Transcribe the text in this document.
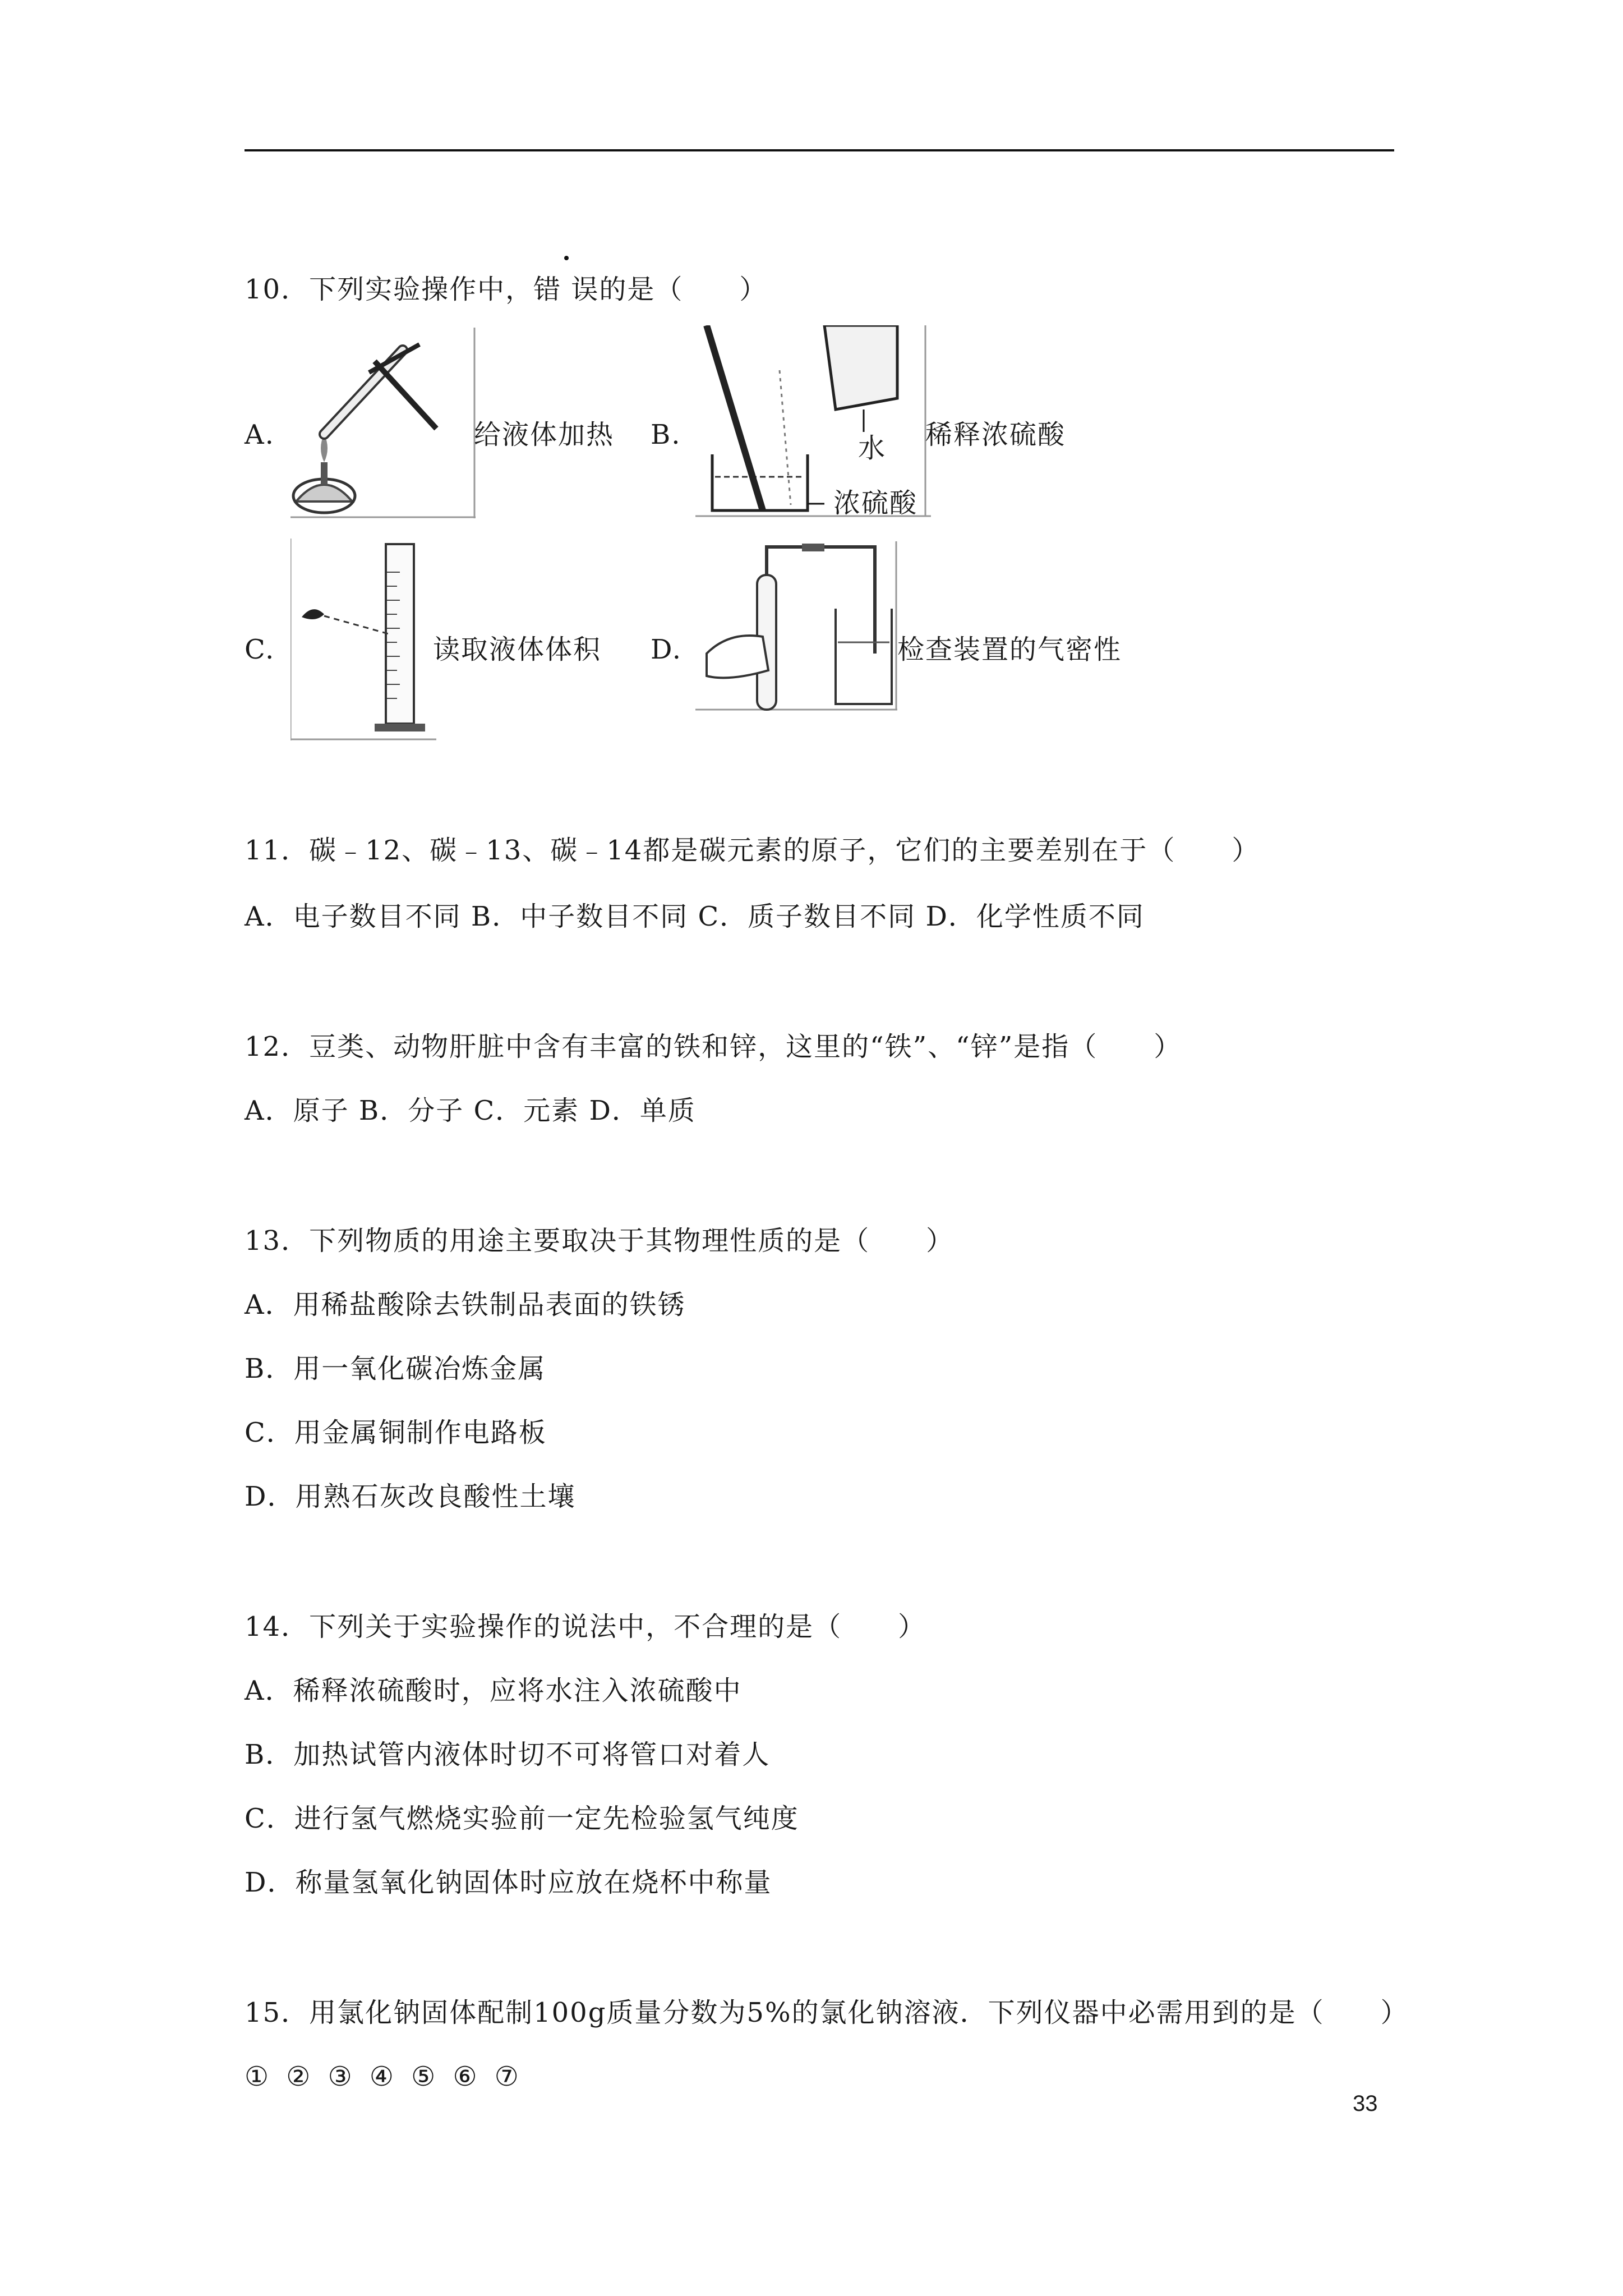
10．下列实验操作中，错 误的是（　　）
A.	给液体加热 B.	水
浓硫酸
稀释浓硫酸
C.	读取液体体积 D.	检查装置的气密性
11．碳﹣12、碳﹣13、碳﹣14都是碳元素的原子，它们的主要差别在于（　　）
A．电子数目不同 B．中子数目不同 C．质子数目不同 D．化学性质不同
12．豆类、动物肝脏中含有丰富的铁和锌，这里的“铁”、“锌”是指（　　）
A．原子 B．分子 C．元素 D．单质
13．下列物质的用途主要取决于其物理性质的是（　　）
A．用稀盐酸除去铁制品表面的铁锈
B．用一氧化碳冶炼金属
C．用金属铜制作电路板
D．用熟石灰改良酸性土壤
14．下列关于实验操作的说法中，不合理的是（　　）
A．稀释浓硫酸时，应将水注入浓硫酸中
B．加热试管内液体时切不可将管口对着人
C．进行氢气燃烧实验前一定先检验氢气纯度
D．称量氢氧化钠固体时应放在烧杯中称量
15．用氯化钠固体配制100g质量分数为5%的氯化钠溶液．下列仪器中必需用到的是（　　）
① ② ③ ④ ⑤ ⑥ ⑦
33
